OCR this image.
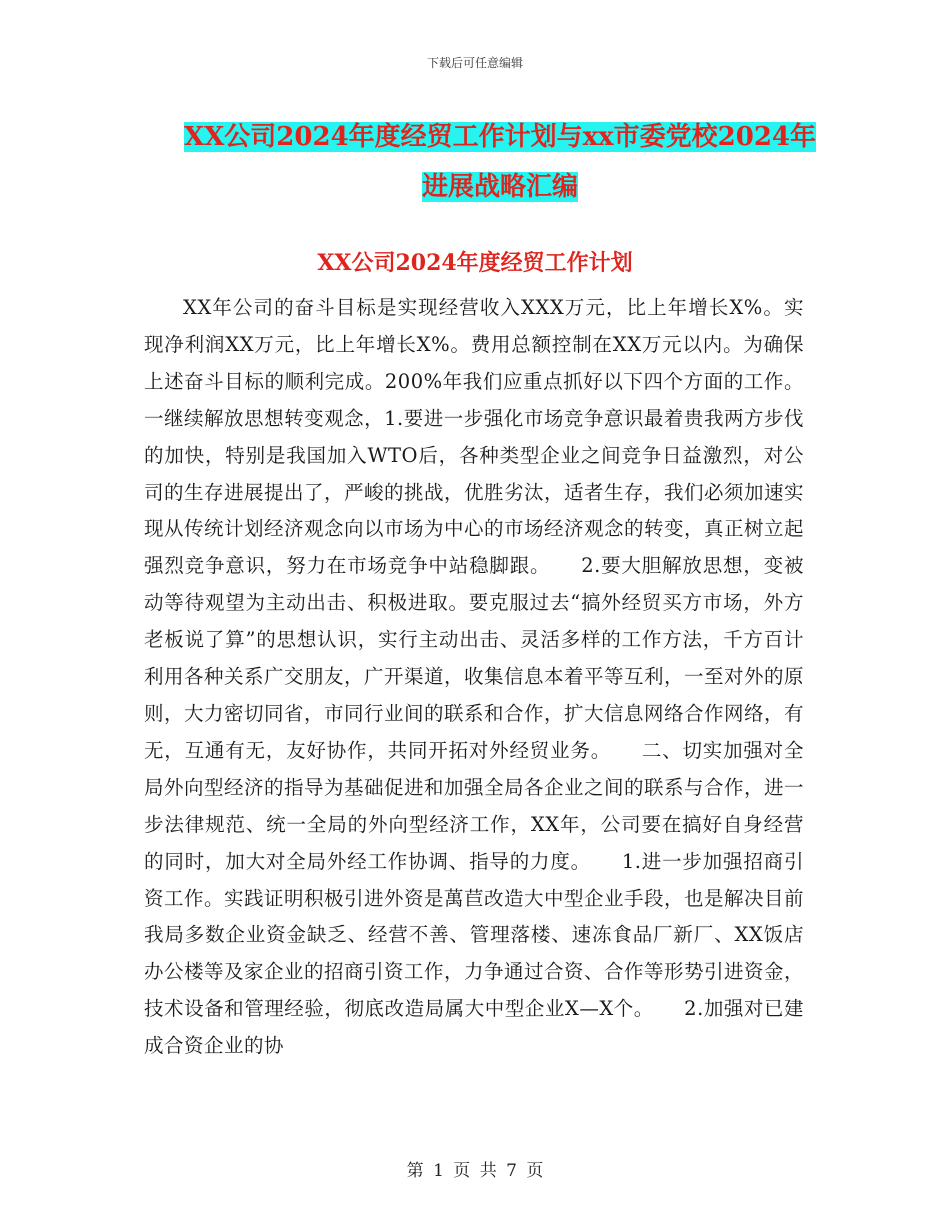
下载后可任意编辑
XX公司2024年度经贸工作计划与xx市委党校2024年
进展战略汇编
XX公司2024年度经贸工作计划

XX年公司的奋斗目标是实现经营收入XXX万元，比上年增长X%。实现净利润XX万元，比上年增长X%。费用总额控制在XX万元以内。为确保上述奋斗目标的顺利完成。200%年我们应重点抓好以下四个方面的工作。一继续解放思想转变观念，1.要进一步强化市场竞争意识最着贵我两方步伐的加快，特别是我国加入WTO后，各种类型企业之间竞争日益激烈，对公司的生存进展提出了，严峻的挑战，优胜劣汰，适者生存，我们必须加速实现从传统计划经济观念向以市场为中心的市场经济观念的转变，真正树立起强烈竞争意识，努力在市场竞争中站稳脚跟。　　2.要大胆解放思想，变被动等待观望为主动出击、积极进取。要克服过去“搞外经贸买方市场，外方老板说了算”的思想认识，实行主动出击、灵活多样的工作方法，千方百计利用各种关系广交朋友，广开渠道，收集信息本着平等互利，一至对外的原则，大力密切同省，市同行业间的联系和合作，扩大信息网络合作网络，有无，互通有无，友好协作，共同开拓对外经贸业务。　　二、切实加强对全局外向型经济的指导为基础促进和加强全局各企业之间的联系与合作，进一步法律规范、统一全局的外向型经济工作，XX年，公司要在搞好自身经营的同时，加大对全局外经工作协调、指导的力度。　　1.进一步加强招商引资工作。实践证明积极引进外资是萬苣改造大中型企业手段，也是解决目前我局多数企业资金缺乏、经营不善、管理落楼、速冻食品厂新厂、XX饭店办公楼等及家企业的招商引资工作，力争通过合资、合作等形势引进资金，技术设备和管理经验，彻底改造局属大中型企业X—X个。　　2.加强对已建成合资企业的协

第 1 页 共 7 页
